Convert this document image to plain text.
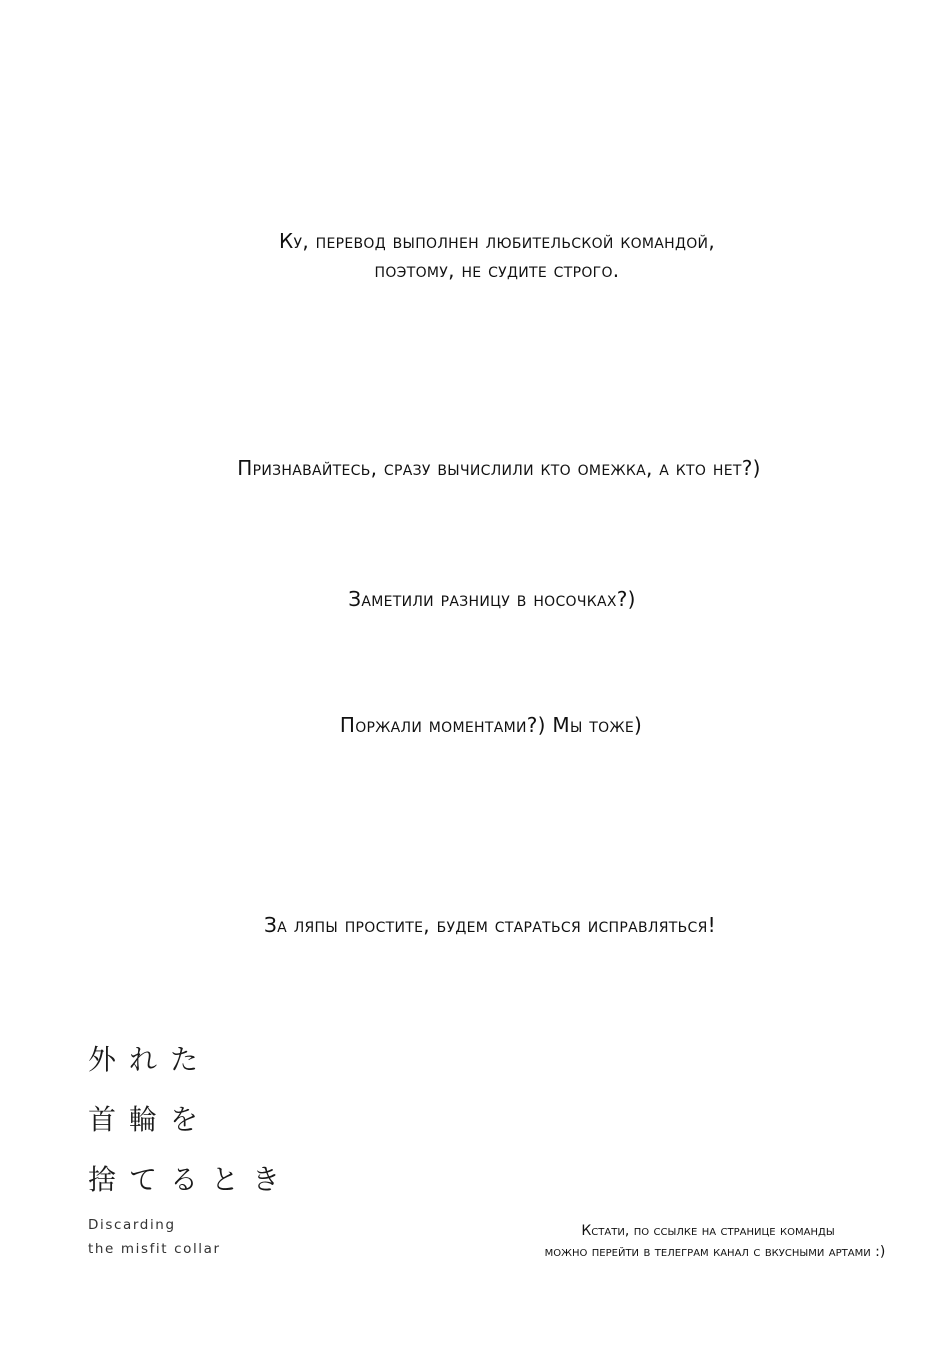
Ку, перевод выполнен любительской командой,
поэтому, не судите строго.
Признавайтесь, сразу вычислили кто омежка, а кто нет?)
Заметили разницу в носочках?)
Поржали моментами?) Мы тоже)
За ляпы простите, будем стараться исправляться!
外れた
首輪を
捨てるとき
Discarding
the misfit collar
Кстати, по ссылке на странице команды
можно перейти в телеграм канал с вкусными артами :)
